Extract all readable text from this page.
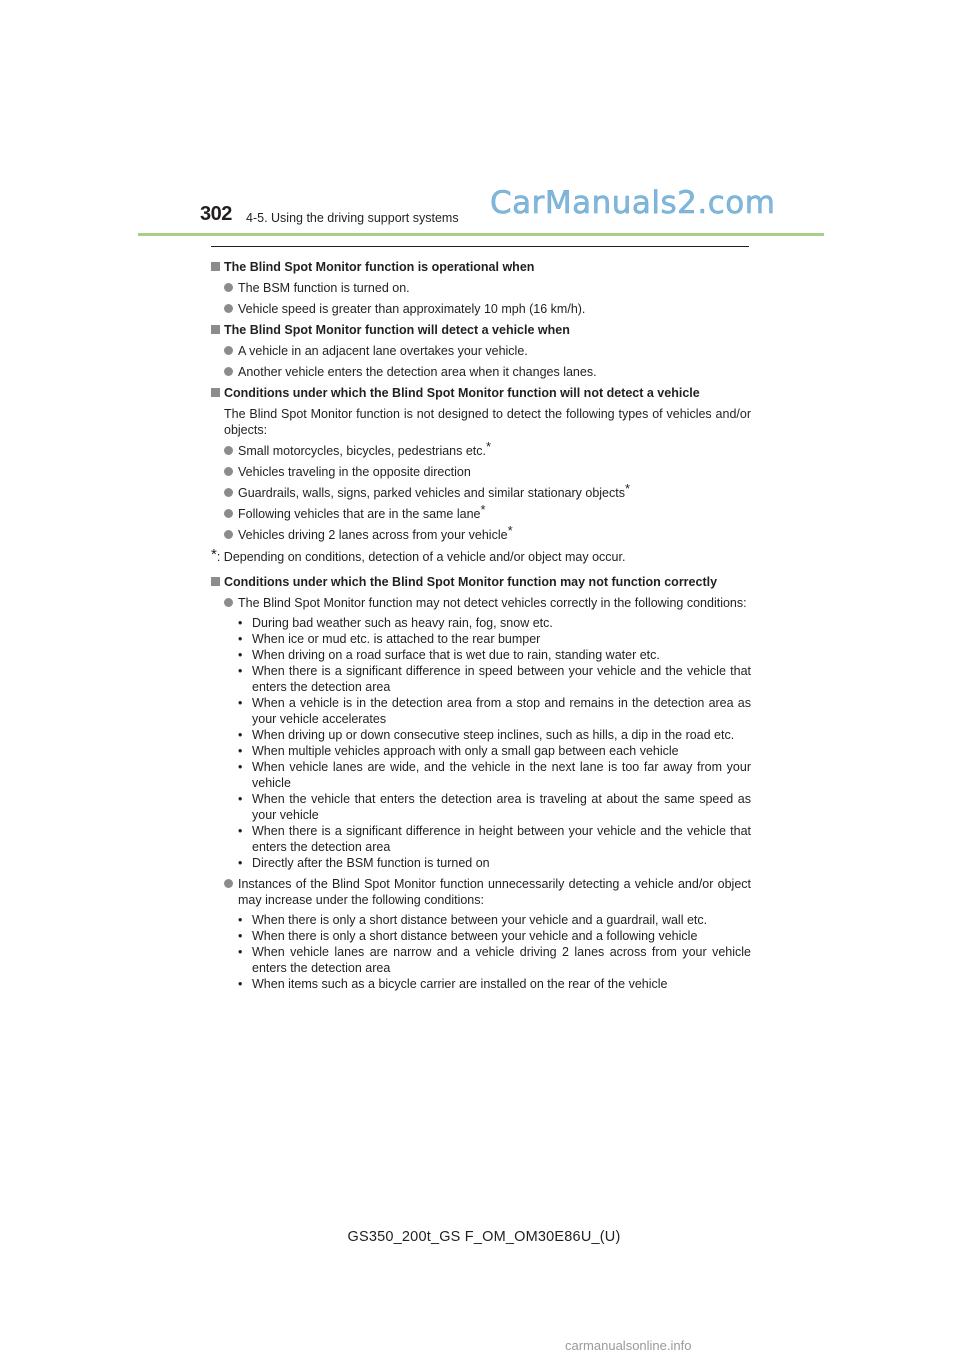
302 4-5. Using the driving support systems CarManuals2.com
The Blind Spot Monitor function is operational when
The BSM function is turned on.
Vehicle speed is greater than approximately 10 mph (16 km/h).
The Blind Spot Monitor function will detect a vehicle when
A vehicle in an adjacent lane overtakes your vehicle.
Another vehicle enters the detection area when it changes lanes.
Conditions under which the Blind Spot Monitor function will not detect a vehicle
The Blind Spot Monitor function is not designed to detect the following types of vehicles and/or objects:
Small motorcycles, bicycles, pedestrians etc.*
Vehicles traveling in the opposite direction
Guardrails, walls, signs, parked vehicles and similar stationary objects*
Following vehicles that are in the same lane*
Vehicles driving 2 lanes across from your vehicle*
*: Depending on conditions, detection of a vehicle and/or object may occur.
Conditions under which the Blind Spot Monitor function may not function correctly
The Blind Spot Monitor function may not detect vehicles correctly in the following conditions:
• During bad weather such as heavy rain, fog, snow etc.
• When ice or mud etc. is attached to the rear bumper
• When driving on a road surface that is wet due to rain, standing water etc.
• When there is a significant difference in speed between your vehicle and the vehicle that enters the detection area
• When a vehicle is in the detection area from a stop and remains in the detection area as your vehicle accelerates
• When driving up or down consecutive steep inclines, such as hills, a dip in the road etc.
• When multiple vehicles approach with only a small gap between each vehicle
• When vehicle lanes are wide, and the vehicle in the next lane is too far away from your vehicle
• When the vehicle that enters the detection area is traveling at about the same speed as your vehicle
• When there is a significant difference in height between your vehicle and the vehicle that enters the detection area
• Directly after the BSM function is turned on
Instances of the Blind Spot Monitor function unnecessarily detecting a vehicle and/or object may increase under the following conditions:
• When there is only a short distance between your vehicle and a guardrail, wall etc.
• When there is only a short distance between your vehicle and a following vehicle
• When vehicle lanes are narrow and a vehicle driving 2 lanes across from your vehicle enters the detection area
• When items such as a bicycle carrier are installed on the rear of the vehicle
GS350_200t_GS F_OM_OM30E86U_(U)
carmanualsonline.info
